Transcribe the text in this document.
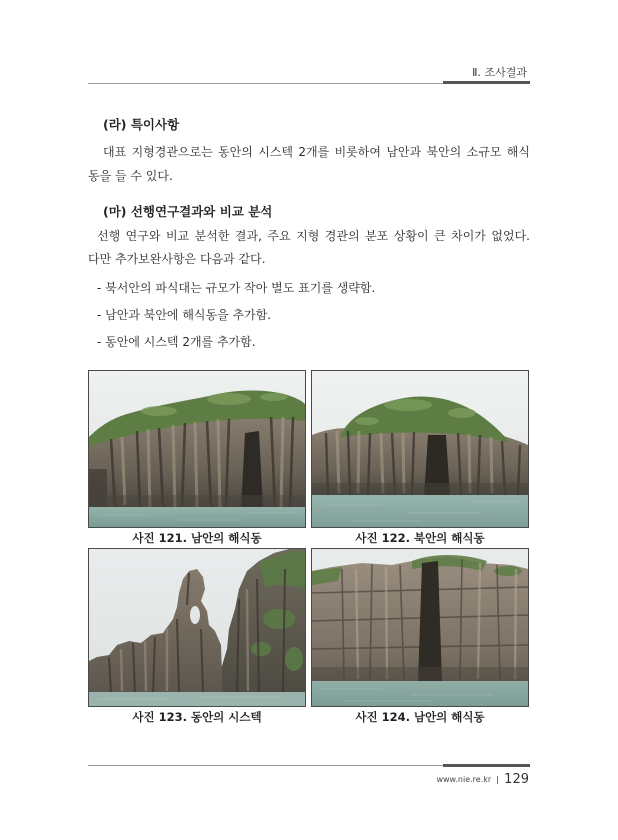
Ⅱ. 조사결과
(라) 특이사항
대표 지형경관으로는 동안의 시스텍 2개를 비롯하여 남안과 북안의 소규모 해식
동을 들 수 있다.
(마) 선행연구결과와 비교 분석
선행 연구와 비교 분석한 결과, 주요 지형 경관의 분포 상황이 큰 차이가 없었다.
다만 추가보완사항은 다음과 같다.
- 북서안의 파식대는 규모가 작아 별도 표기를 생략함.
- 남안과 북안에 해식동을 추가함.
- 동안에 시스텍 2개를 추가함.
사진 121. 남안의 해식동	사진 122. 북안의 해식동
사진 123. 동안의 시스텍	사진 124. 남안의 해식동
www.nie.re.kr 129
